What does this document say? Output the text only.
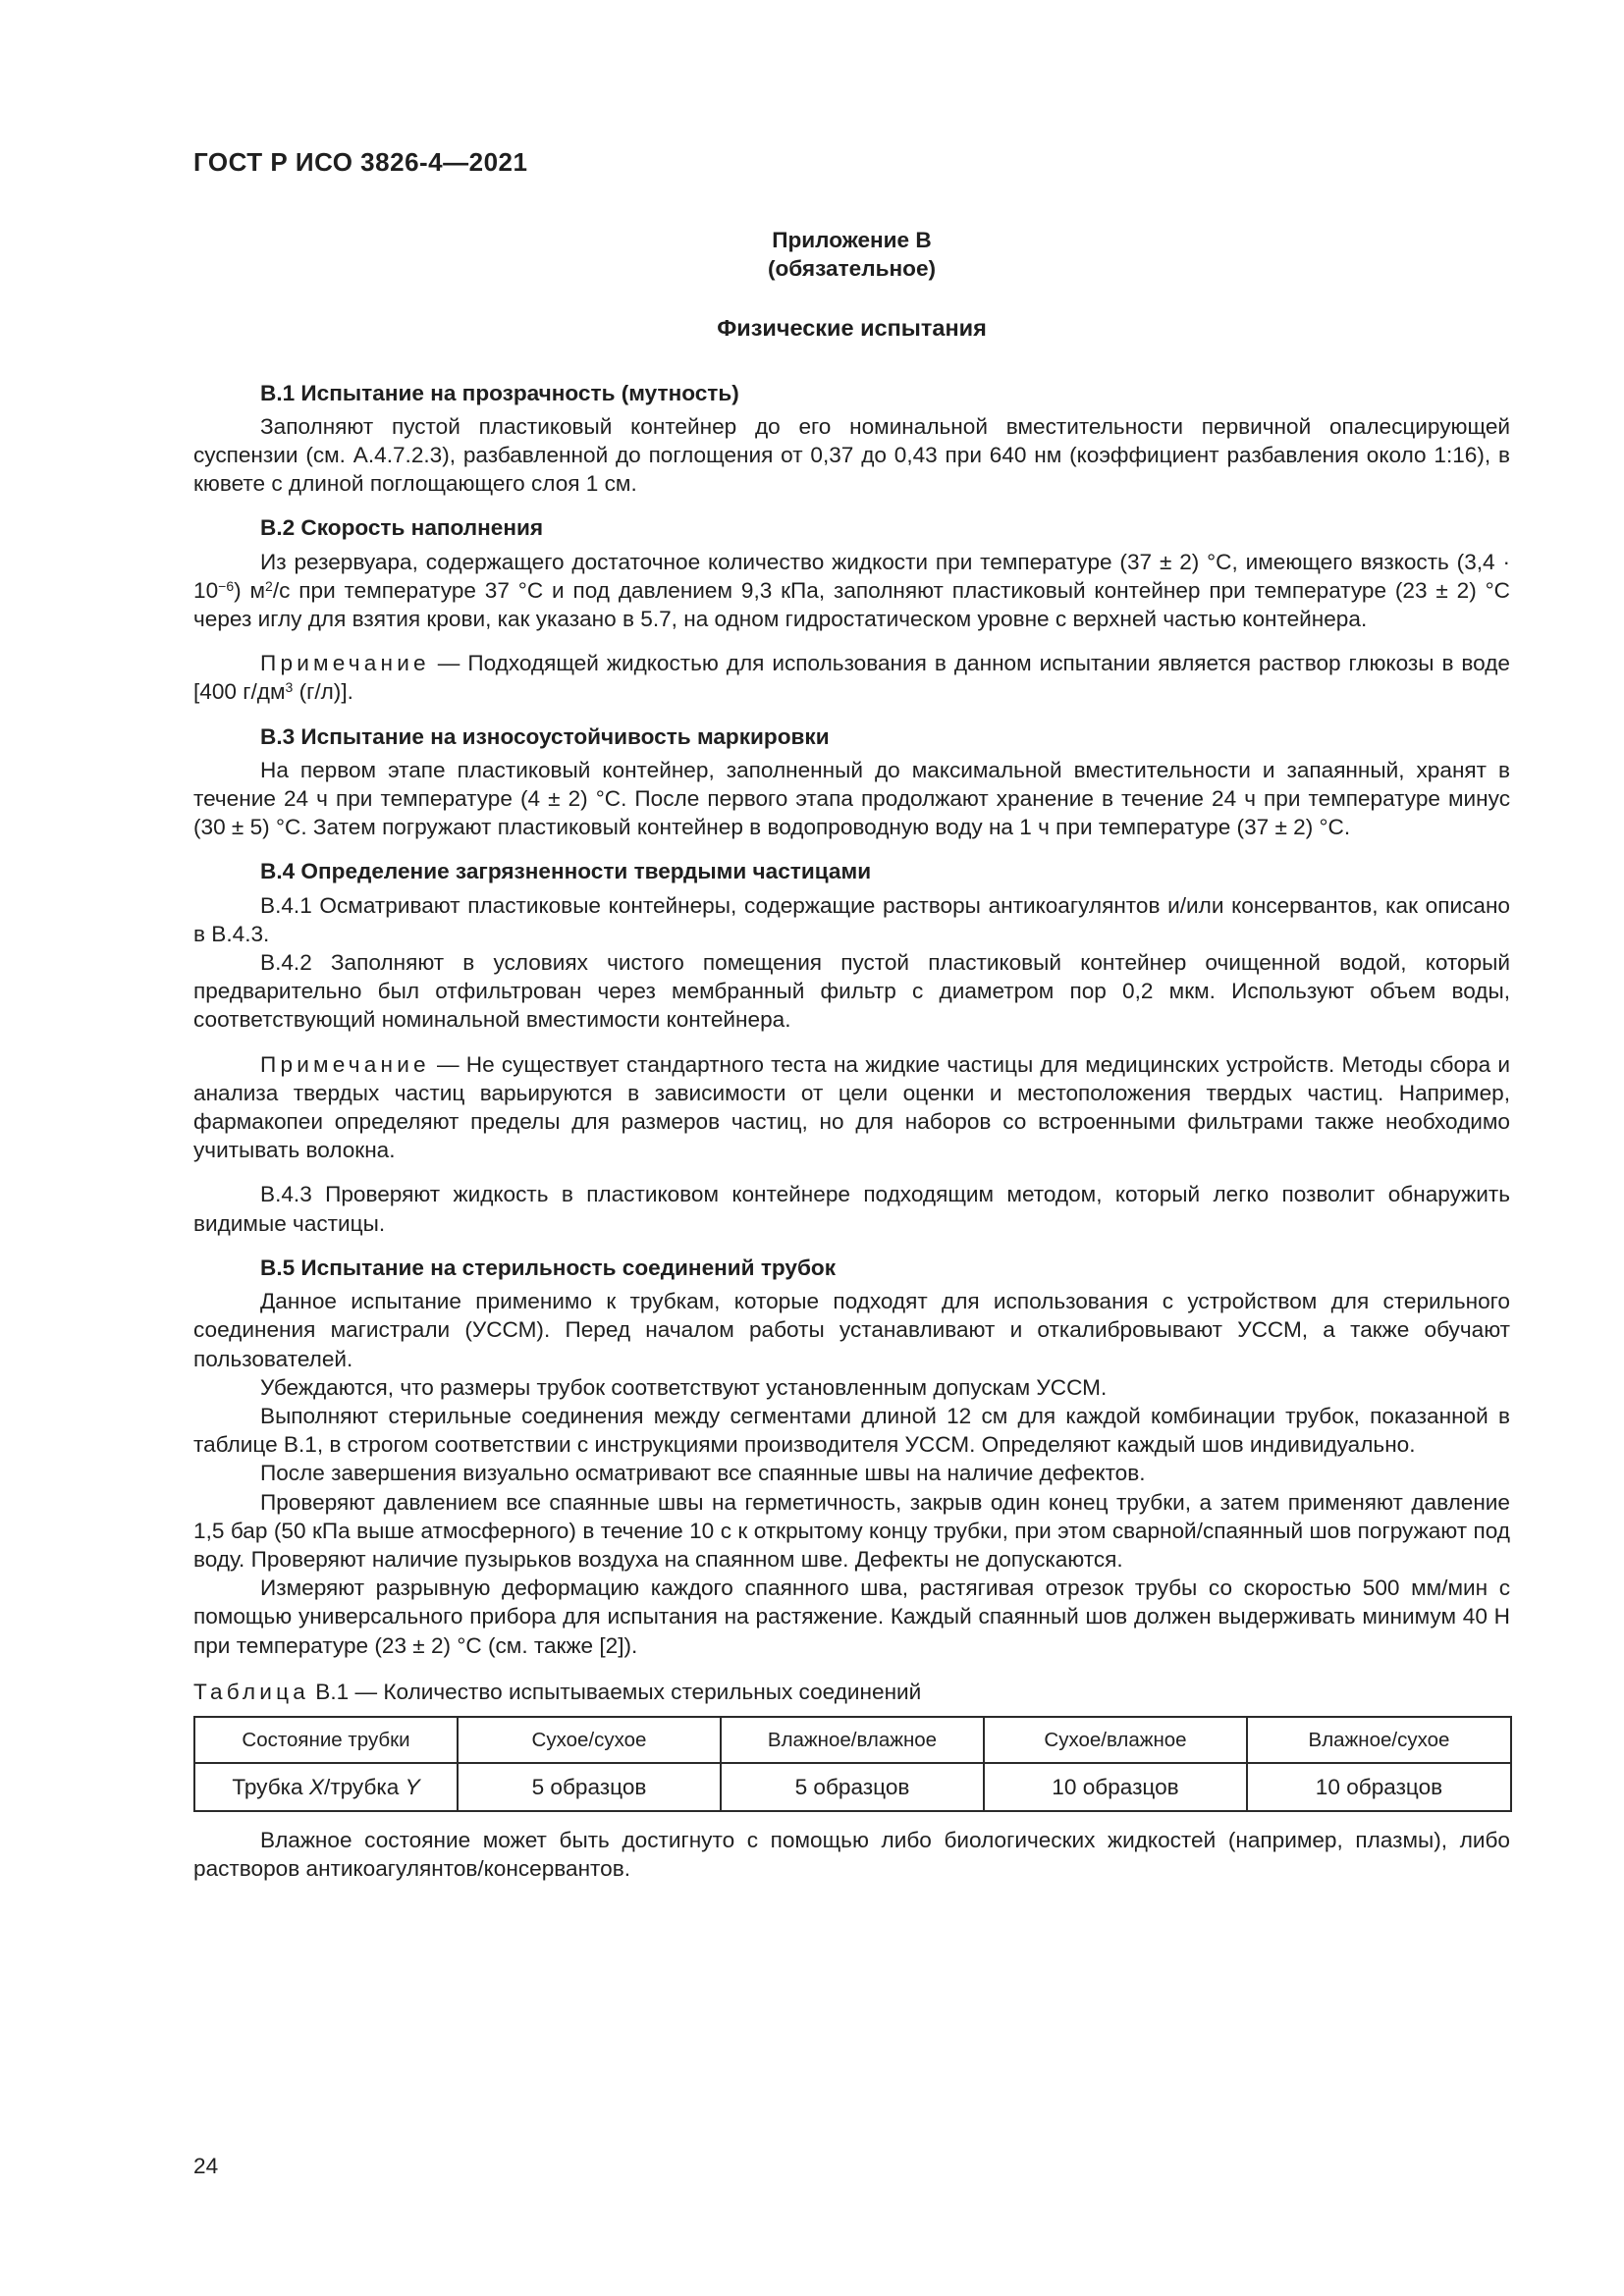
ГОСТ Р ИСО 3826-4—2021
Приложение В
(обязательное)
Физические испытания
В.1 Испытание на прозрачность (мутность)

Заполняют пустой пластиковый контейнер до его номинальной вместительности первичной опалесцирующей суспензии (см. А.4.7.2.3), разбавленной до поглощения от 0,37 до 0,43 при 640 нм (коэффициент разбавления около 1:16), в кювете с длиной поглощающего слоя 1 см.

В.2 Скорость наполнения

Из резервуара, содержащего достаточное количество жидкости при температуре (37 ± 2) °С, имеющего вязкость $(3,4 \cdot 10^{-6})$ $м^2/с$ при температуре 37 °С и под давлением 9,3 кПа, заполняют пластиковый контейнер при температуре (23 ± 2) °С через иглу для взятия крови, как указано в 5.7, на одном гидростатическом уровне с верхней частью контейнера.

Примечание — Подходящей жидкостью для использования в данном испытании является раствор глюкозы в воде [400 $г/дм^3$ (г/л)].

В.3 Испытание на износоустойчивость маркировки

На первом этапе пластиковый контейнер, заполненный до максимальной вместительности и запаянный, хранят в течение 24 ч при температуре (4 ± 2) °С. После первого этапа продолжают хранение в течение 24 ч при температуре минус (30 ± 5) °С. Затем погружают пластиковый контейнер в водопроводную воду на 1 ч при температуре (37 ± 2) °С.

В.4 Определение загрязненности твердыми частицами

В.4.1 Осматривают пластиковые контейнеры, содержащие растворы антикоагулянтов и/или консервантов, как описано в В.4.3.

В.4.2 Заполняют в условиях чистого помещения пустой пластиковый контейнер очищенной водой, который предварительно был отфильтрован через мембранный фильтр с диаметром пор 0,2 мкм. Используют объем воды, соответствующий номинальной вместимости контейнера.

Примечание — Не существует стандартного теста на жидкие частицы для медицинских устройств. Методы сбора и анализа твердых частиц варьируются в зависимости от цели оценки и местоположения твердых частиц. Например, фармакопеи определяют пределы для размеров частиц, но для наборов со встроенными фильтрами также необходимо учитывать волокна.

В.4.3 Проверяют жидкость в пластиковом контейнере подходящим методом, который легко позволит обнаружить видимые частицы.

В.5 Испытание на стерильность соединений трубок

Данное испытание применимо к трубкам, которые подходят для использования с устройством для стерильного соединения магистрали (УССМ). Перед началом работы устанавливают и откалибровывают УССМ, а также обучают пользователей.

Убеждаются, что размеры трубок соответствуют установленным допускам УССМ.

Выполняют стерильные соединения между сегментами длиной 12 см для каждой комбинации трубок, показанной в таблице В.1, в строгом соответствии с инструкциями производителя УССМ. Определяют каждый шов индивидуально.

После завершения визуально осматривают все спаянные швы на наличие дефектов.

Проверяют давлением все спаянные швы на герметичность, закрыв один конец трубки, а затем применяют давление 1,5 бар (50 кПа выше атмосферного) в течение 10 с к открытому концу трубки, при этом сварной/спаянный шов погружают под воду. Проверяют наличие пузырьков воздуха на спаянном шве. Дефекты не допускаются.

Измеряют разрывную деформацию каждого спаянного шва, растягивая отрезок трубы со скоростью 500 мм/мин с помощью универсального прибора для испытания на растяжение. Каждый спаянный шов должен выдерживать минимум 40 Н при температуре (23 ± 2) °С (см. также [2]).

Таблица В.1 — Количество испытываемых стерильных соединений
Состояние трубки	Сухое/сухое	Влажное/влажное	Сухое/влажное	Влажное/сухое
Трубка X/трубка Y	5 образцов	5 образцов	10 образцов	10 образцов

Влажное состояние может быть достигнуто с помощью либо биологических жидкостей (например, плазмы), либо растворов антикоагулянтов/консервантов.

24
